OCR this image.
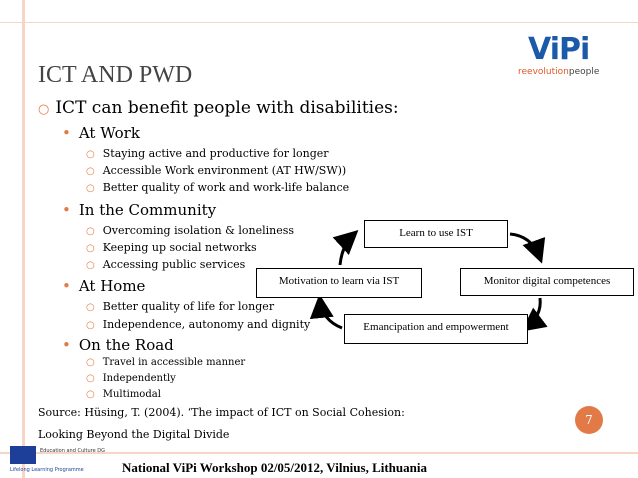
ViPi
reevolutionpeople
ICT AND PWD
○ ICT can benefit people with disabilities:
• At Work
○ Staying active and productive for longer
○ Accessible Work environment (AT HW/SW))
○ Better quality of work and work-life balance
• In the Community
○ Overcoming isolation & loneliness
○ Keeping up social networks
○ Accessing public services
• At Home
○ Better quality of life for longer
○ Independence, autonomy and dignity
• On the Road
○ Travel in accessible manner
○ Independently
○ Multimodal
Learn to use IST
Monitor digital competences
Emancipation and empowerment
Motivation to learn via IST
Source: Hüsing, T. (2004). ‘The impact of ICT on Social Cohesion:
Looking Beyond the Digital Divide
7
Education and Culture DG
Lifelong Learning Programme	National ViPi Workshop 02/05/2012, Vilnius, Lithuania
